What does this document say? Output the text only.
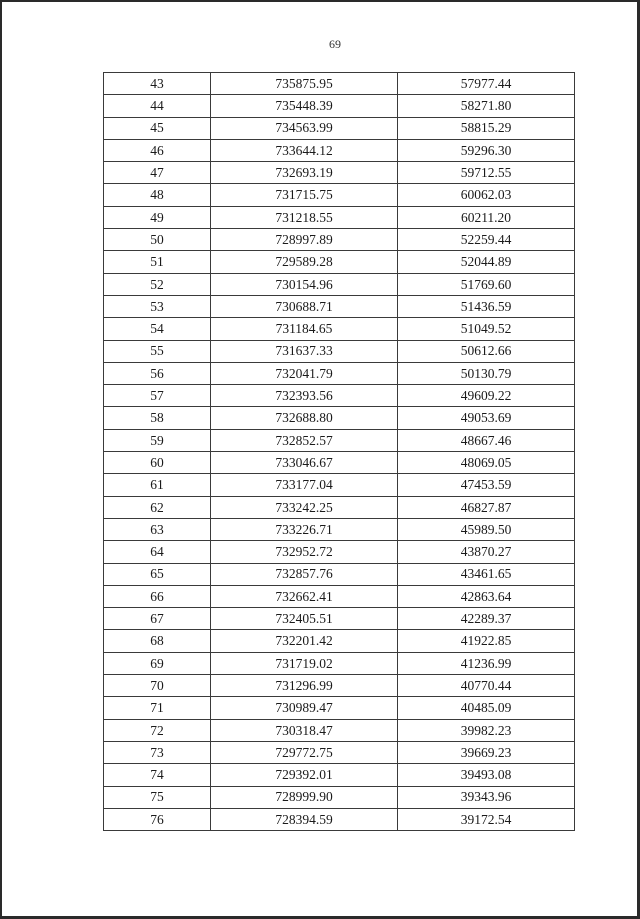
69
43	735875.95	57977.44
44	735448.39	58271.80
45	734563.99	58815.29
46	733644.12	59296.30
47	732693.19	59712.55
48	731715.75	60062.03
49	731218.55	60211.20
50	728997.89	52259.44
51	729589.28	52044.89
52	730154.96	51769.60
53	730688.71	51436.59
54	731184.65	51049.52
55	731637.33	50612.66
56	732041.79	50130.79
57	732393.56	49609.22
58	732688.80	49053.69
59	732852.57	48667.46
60	733046.67	48069.05
61	733177.04	47453.59
62	733242.25	46827.87
63	733226.71	45989.50
64	732952.72	43870.27
65	732857.76	43461.65
66	732662.41	42863.64
67	732405.51	42289.37
68	732201.42	41922.85
69	731719.02	41236.99
70	731296.99	40770.44
71	730989.47	40485.09
72	730318.47	39982.23
73	729772.75	39669.23
74	729392.01	39493.08
75	728999.90	39343.96
76	728394.59	39172.54
